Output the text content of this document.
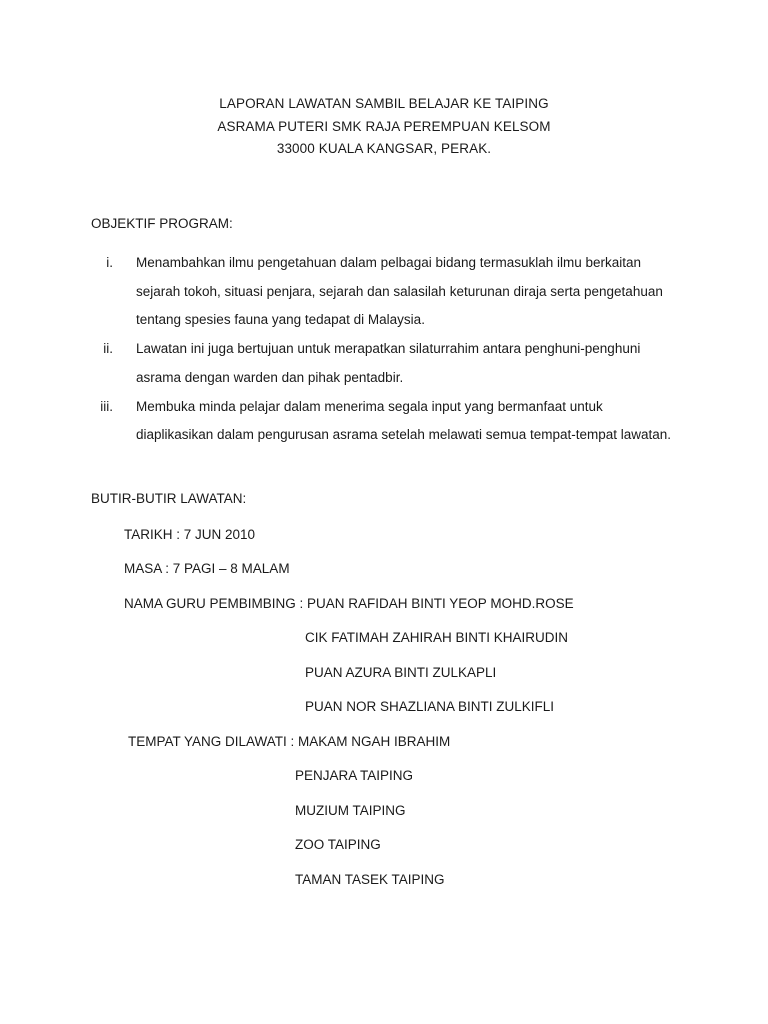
LAPORAN LAWATAN SAMBIL BELAJAR KE TAIPING
ASRAMA PUTERI SMK RAJA PEREMPUAN KELSOM
33000 KUALA KANGSAR, PERAK.
OBJEKTIF PROGRAM:
i. Menambahkan ilmu pengetahuan dalam pelbagai bidang termasuklah ilmu berkaitan sejarah tokoh, situasi penjara, sejarah dan salasilah keturunan diraja serta pengetahuan tentang spesies fauna yang tedapat di Malaysia.
ii. Lawatan ini juga bertujuan untuk merapatkan silaturrahim antara penghuni-penghuni asrama dengan warden dan pihak pentadbir.
iii. Membuka minda pelajar dalam menerima segala input yang bermanfaat untuk diaplikasikan dalam pengurusan asrama setelah melawati semua tempat-tempat lawatan.
BUTIR-BUTIR LAWATAN:
TARIKH : 7 JUN 2010
MASA : 7 PAGI – 8 MALAM
NAMA GURU PEMBIMBING : PUAN RAFIDAH BINTI YEOP MOHD.ROSE
CIK FATIMAH ZAHIRAH BINTI KHAIRUDIN
PUAN AZURA BINTI ZULKAPLI
PUAN NOR SHAZLIANA BINTI ZULKIFLI
TEMPAT YANG DILAWATI : MAKAM NGAH IBRAHIM
PENJARA TAIPING
MUZIUM TAIPING
ZOO TAIPING
TAMAN TASEK TAIPING
